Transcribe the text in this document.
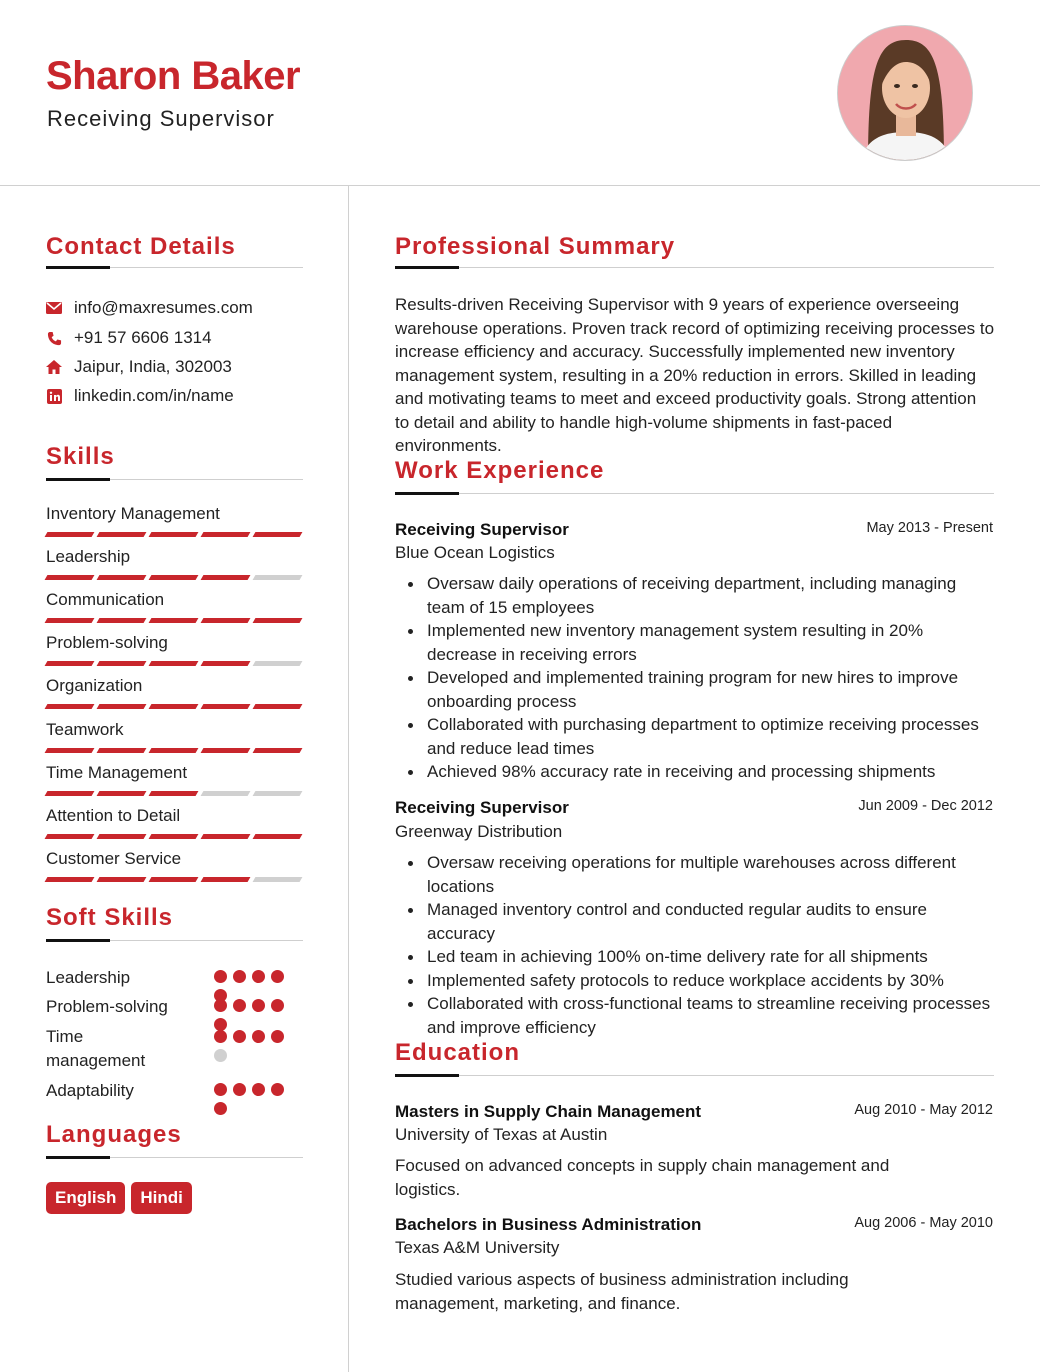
Sharon Baker
Receiving Supervisor
Contact Details
info@maxresumes.com
+91 57 6606 1314
Jaipur, India, 302003
linkedin.com/in/name
Skills
Inventory Management
Leadership
Communication
Problem-solving
Organization
Teamwork
Time Management
Attention to Detail
Customer Service
Soft Skills
Leadership
Problem-solving
Time management
Adaptability
Languages
English	Hindi
Professional Summary
Results-driven Receiving Supervisor with 9 years of experience overseeing warehouse operations. Proven track record of optimizing receiving processes to increase efficiency and accuracy. Successfully implemented new inventory management system, resulting in a 20% reduction in errors. Skilled in leading and motivating teams to meet and exceed productivity goals. Strong attention to detail and ability to handle high-volume shipments in fast-paced environments.
Work Experience
Receiving Supervisor	May 2013 - Present
Blue Ocean Logistics
Oversaw daily operations of receiving department, including managing team of 15 employees
Implemented new inventory management system resulting in 20% decrease in receiving errors
Developed and implemented training program for new hires to improve onboarding process
Collaborated with purchasing department to optimize receiving processes and reduce lead times
Achieved 98% accuracy rate in receiving and processing shipments
Receiving Supervisor	Jun 2009 - Dec 2012
Greenway Distribution
Oversaw receiving operations for multiple warehouses across different locations
Managed inventory control and conducted regular audits to ensure accuracy
Led team in achieving 100% on-time delivery rate for all shipments
Implemented safety protocols to reduce workplace accidents by 30%
Collaborated with cross-functional teams to streamline receiving processes and improve efficiency
Education
Masters in Supply Chain Management	Aug 2010 - May 2012
University of Texas at Austin
Focused on advanced concepts in supply chain management and logistics.
Bachelors in Business Administration	Aug 2006 - May 2010
Texas A&M University
Studied various aspects of business administration including management, marketing, and finance.
